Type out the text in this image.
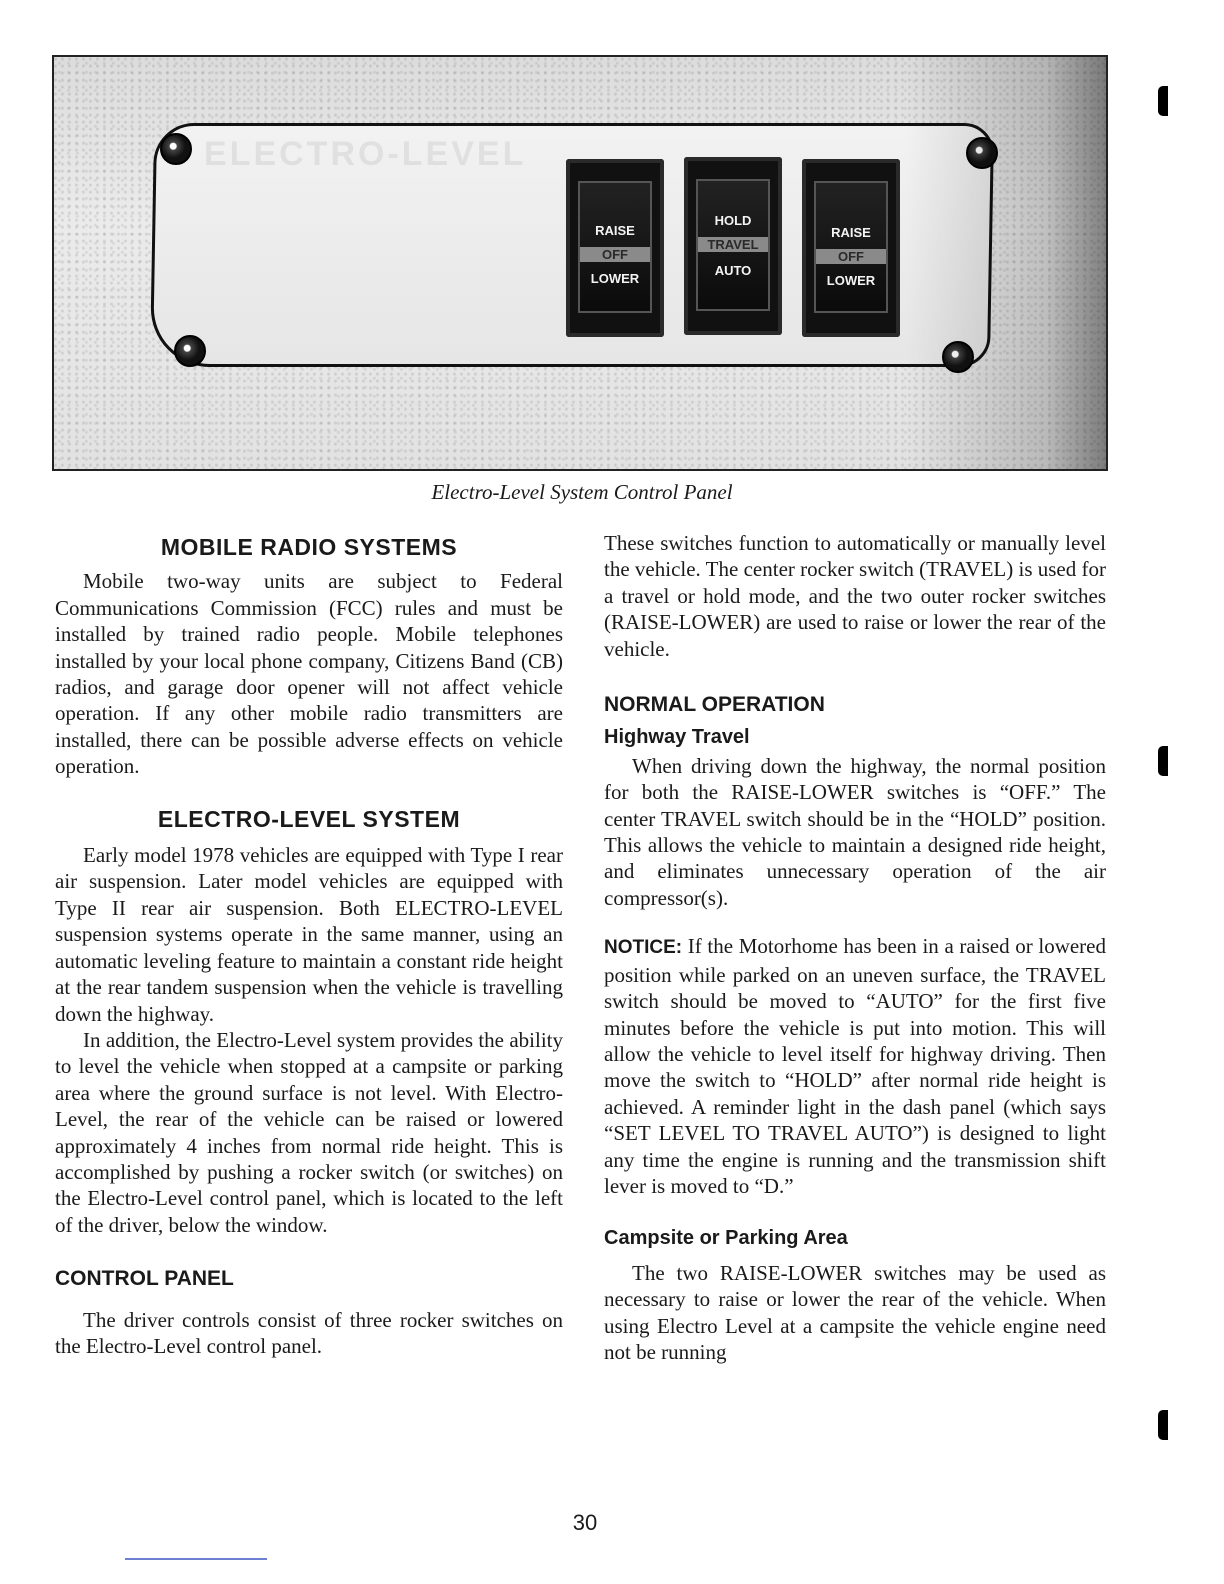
ELECTRO-LEVEL
RAISE
OFF
LOWER
HOLD
TRAVEL
AUTO
RAISE
OFF
LOWER
Electro-Level System Control Panel
MOBILE RADIO SYSTEMS

Mobile two-way units are subject to Federal Communications Commission (FCC) rules and must be installed by trained radio people. Mobile telephones installed by your local phone company, Citizens Band (CB) radios, and garage door opener will not affect vehicle operation. If any other mobile radio transmitters are installed, there can be possible adverse effects on vehicle operation.

ELECTRO-LEVEL SYSTEM

Early model 1978 vehicles are equipped with Type I rear air suspension. Later model vehicles are equipped with Type II rear air suspension. Both ELECTRO-LEVEL suspension systems operate in the same manner, using an automatic leveling feature to maintain a constant ride height at the rear tandem suspension when the vehicle is travelling down the highway.

In addition, the Electro-Level system provides the ability to level the vehicle when stopped at a campsite or parking area where the ground surface is not level. With Electro-Level, the rear of the vehicle can be raised or lowered approximately 4 inches from normal ride height. This is accomplished by pushing a rocker switch (or switches) on the Electro-Level control panel, which is located to the left of the driver, below the window.

CONTROL PANEL

The driver controls consist of three rocker switches on the Electro-Level control panel.

These switches function to automatically or manually level the vehicle. The center rocker switch (TRAVEL) is used for a travel or hold mode, and the two outer rocker switches (RAISE-LOWER) are used to raise or lower the rear of the vehicle.

NORMAL OPERATION
Highway Travel

When driving down the highway, the normal position for both the RAISE-LOWER switches is “OFF.” The center TRAVEL switch should be in the “HOLD” position. This allows the vehicle to maintain a designed ride height, and eliminates unnecessary operation of the air compressor(s).

NOTICE: If the Motorhome has been in a raised or lowered position while parked on an uneven surface, the TRAVEL switch should be moved to “AUTO” for the first five minutes before the vehicle is put into motion. This will allow the vehicle to level itself for highway driving. Then move the switch to “HOLD” after normal ride height is achieved. A reminder light in the dash panel (which says “SET LEVEL TO TRAVEL AUTO”) is designed to light any time the engine is running and the transmission shift lever is moved to “D.”

Campsite or Parking Area

The two RAISE-LOWER switches may be used as necessary to raise or lower the rear of the vehicle. When using Electro Level at a campsite the vehicle engine need not be running

30
